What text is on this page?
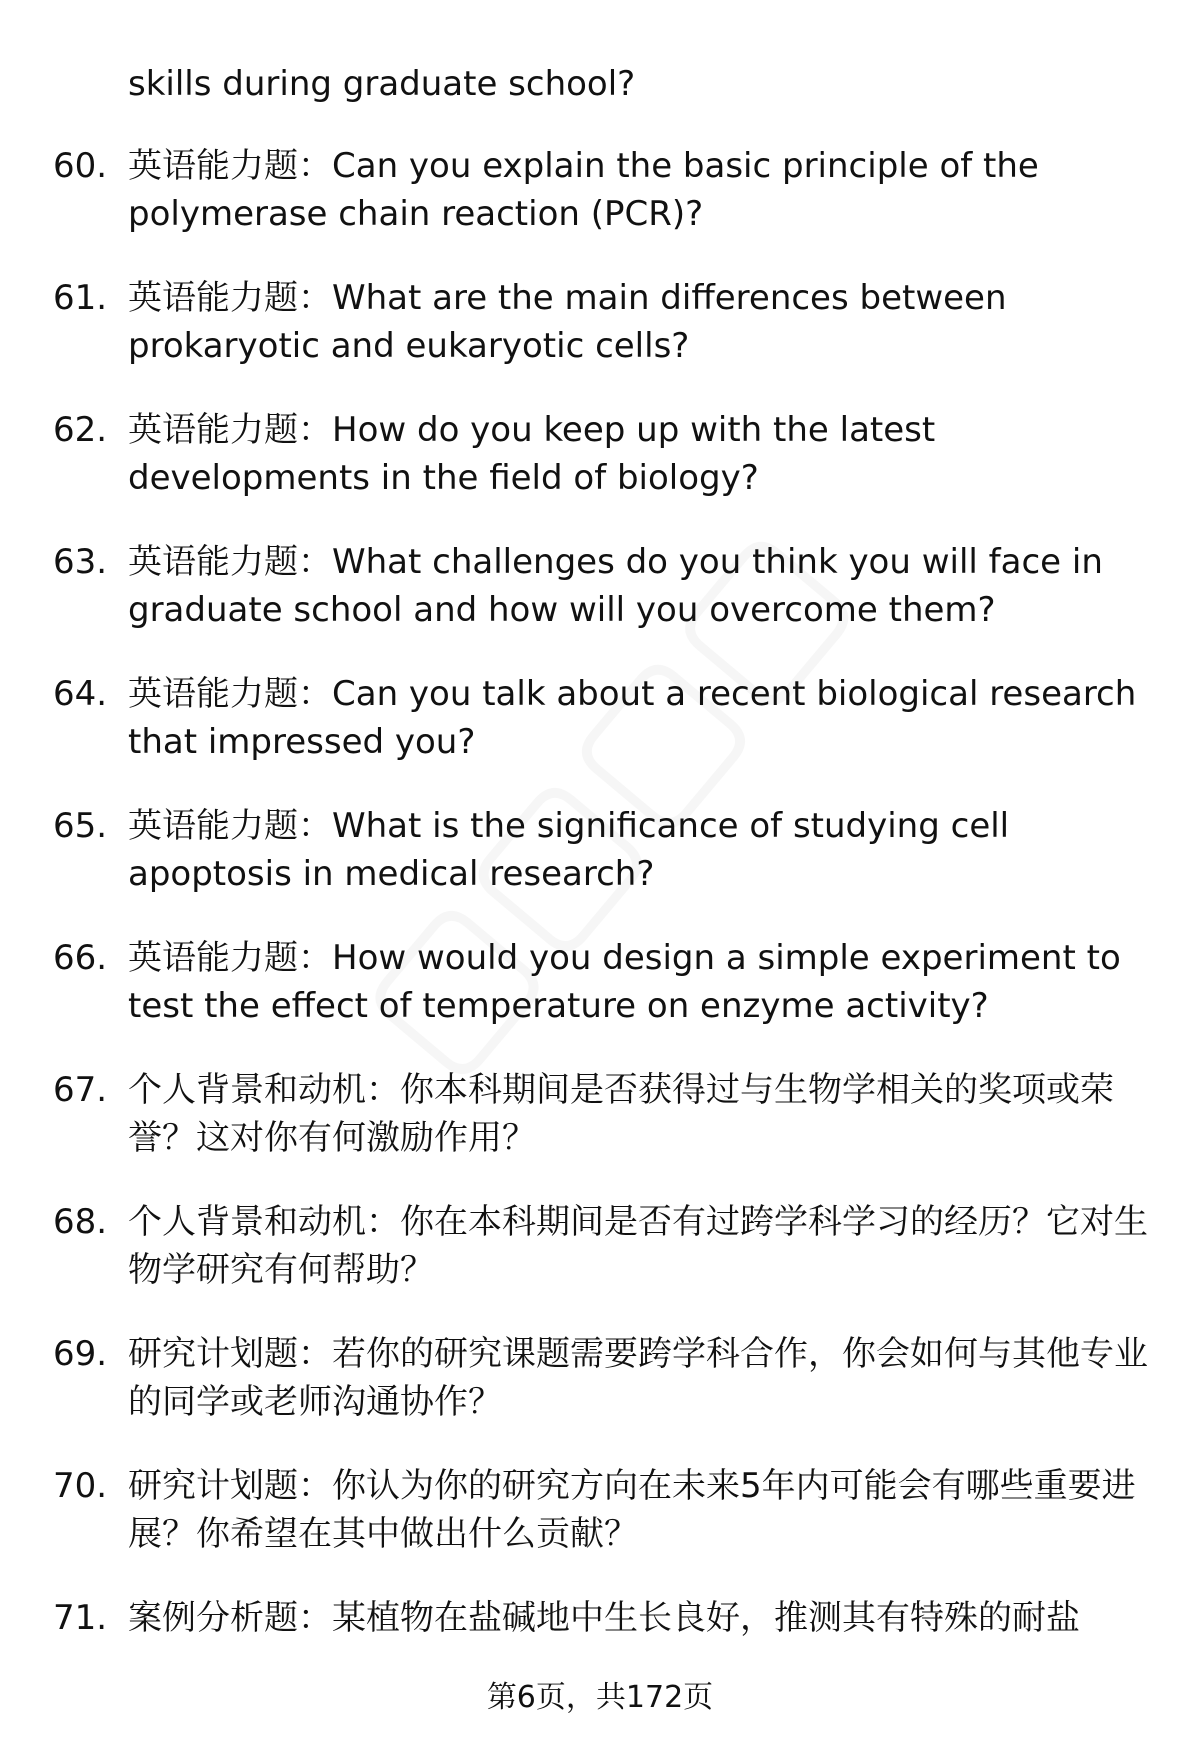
skills during graduate school?
60. 英语能力题：Can you explain the basic principle of the polymerase chain reaction (PCR)?
61. 英语能力题：What are the main differences between prokaryotic and eukaryotic cells?
62. 英语能力题：How do you keep up with the latest developments in the field of biology?
63. 英语能力题：What challenges do you think you will face in graduate school and how will you overcome them?
64. 英语能力题：Can you talk about a recent biological research that impressed you?
65. 英语能力题：What is the significance of studying cell apoptosis in medical research?
66. 英语能力题：How would you design a simple experiment to test the effect of temperature on enzyme activity?
67. 个人背景和动机：你本科期间是否获得过与生物学相关的奖项或荣誉？这对你有何激励作用？
68. 个人背景和动机：你在本科期间是否有过跨学科学习的经历？它对生物学研究有何帮助？
69. 研究计划题：若你的研究课题需要跨学科合作，你会如何与其他专业的同学或老师沟通协作？
70. 研究计划题：你认为你的研究方向在未来5年内可能会有哪些重要进展？你希望在其中做出什么贡献？
71. 案例分析题：某植物在盐碱地中生长良好，推测其有特殊的耐盐
第6页，共172页
